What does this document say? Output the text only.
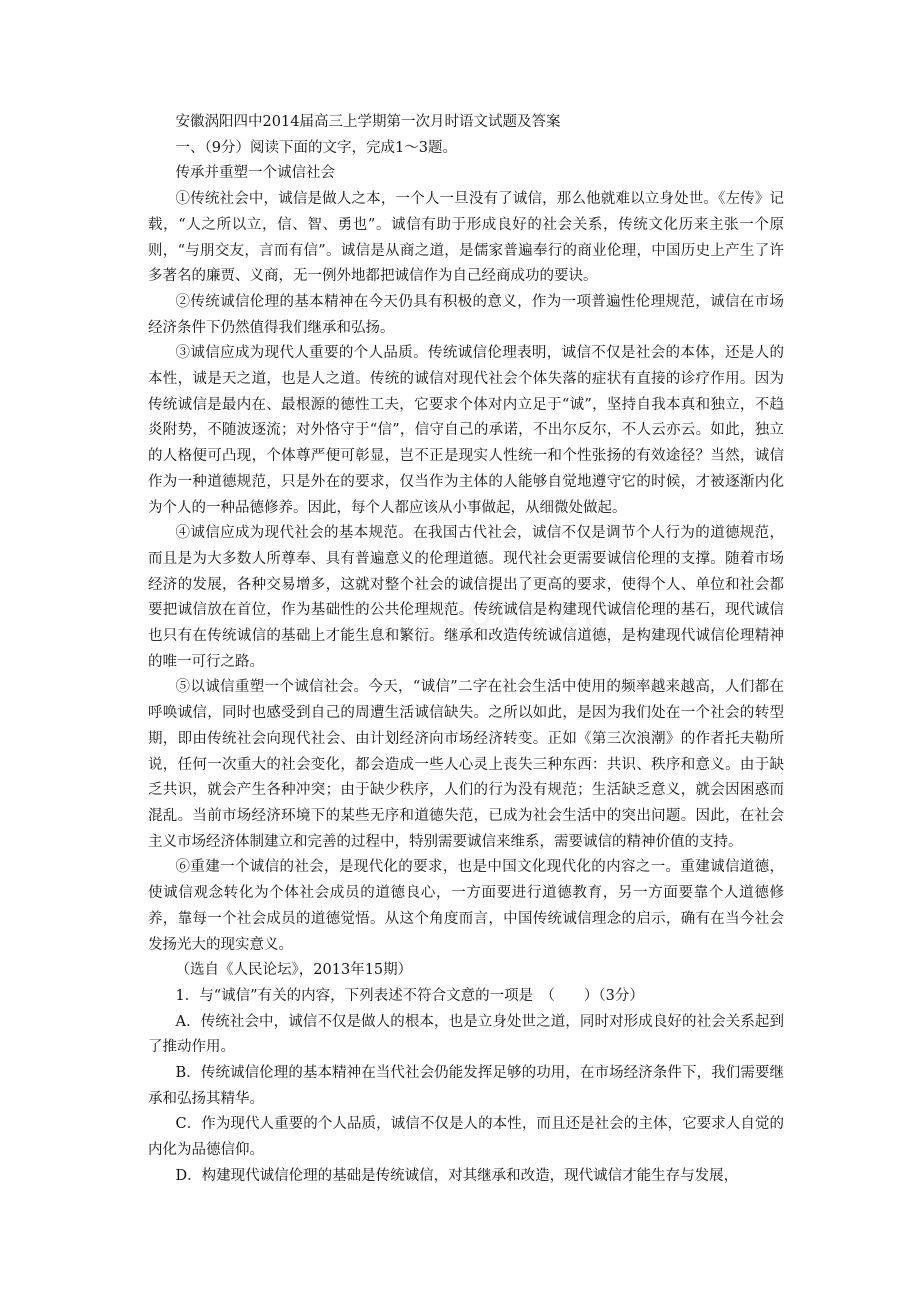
安徽涡阳四中2014届高三上学期第一次月时语文试题及答案

一、（9分）阅读下面的文字，完成1～3题。

传承并重塑一个诚信社会

①传统社会中，诚信是做人之本，一个人一旦没有了诚信，那么他就难以立身处世。《左传》记载，“人之所以立，信、智、勇也”。诚信有助于形成良好的社会关系，传统文化历来主张一个原则，“与朋交友，言而有信”。诚信是从商之道，是儒家普遍奉行的商业伦理，中国历史上产生了许多著名的廉贾、义商，无一例外地都把诚信作为自己经商成功的要诀。

②传统诚信伦理的基本精神在今天仍具有积极的意义，作为一项普遍性伦理规范，诚信在市场经济条件下仍然值得我们继承和弘扬。

③诚信应成为现代人重要的个人品质。传统诚信伦理表明，诚信不仅是社会的本体，还是人的本性，诚是天之道，也是人之道。传统的诚信对现代社会个体失落的症状有直接的诊疗作用。因为传统诚信是最内在、最根源的德性工夫，它要求个体对内立足于“诚”，坚持自我本真和独立，不趋炎附势，不随波逐流；对外恪守于“信”，信守自己的承诺，不出尔反尔，不人云亦云。如此，独立的人格便可凸现，个体尊严便可彰显，岂不正是现实人性统一和个性张扬的有效途径？当然，诚信作为一种道德规范，只是外在的要求，仅当作为主体的人能够自觉地遵守它的时候，才被逐渐内化为个人的一种品德修养。因此，每个人都应该从小事做起，从细微处做起。

④诚信应成为现代社会的基本规范。在我国古代社会，诚信不仅是调节个人行为的道德规范，而且是为大多数人所尊奉、具有普遍意义的伦理道德。现代社会更需要诚信伦理的支撑。随着市场经济的发展，各种交易增多，这就对整个社会的诚信提出了更高的要求，使得个人、单位和社会都要把诚信放在首位，作为基础性的公共伦理规范。传统诚信是构建现代诚信伦理的基石，现代诚信也只有在传统诚信的基础上才能生息和繁衍。继承和改造传统诚信道德，是构建现代诚信伦理精神的唯一可行之路。

⑤以诚信重塑一个诚信社会。今天，“诚信”二字在社会生活中使用的频率越来越高，人们都在呼唤诚信，同时也感受到自己的周遭生活诚信缺失。之所以如此，是因为我们处在一个社会的转型期，即由传统社会向现代社会、由计划经济向市场经济转变。正如《第三次浪潮》的作者托夫勒所说，任何一次重大的社会变化，都会造成一些人心灵上丧失三种东西：共识、秩序和意义。由于缺乏共识，就会产生各种冲突；由于缺少秩序，人们的行为没有规范；生活缺乏意义，就会因困惑而混乱。当前市场经济环境下的某些无序和道德失范，已成为社会生活中的突出问题。因此，在社会主义市场经济体制建立和完善的过程中，特别需要诚信来维系，需要诚信的精神价值的支持。

⑥重建一个诚信的社会，是现代化的要求，也是中国文化现代化的内容之一。重建诚信道德，使诚信观念转化为个体社会成员的道德良心，一方面要进行道德教育，另一方面要靠个人道德修养，靠每一个社会成员的道德觉悟。从这个角度而言，中国传统诚信理念的启示，确有在当今社会发扬光大的现实意义。

（选自《人民论坛》，2013年15期）

1．与“诚信”有关的内容，下列表述不符合文意的一项是　（　　）（3分）

A．传统社会中，诚信不仅是做人的根本，也是立身处世之道，同时对形成良好的社会关系起到了推动作用。

B．传统诚信伦理的基本精神在当代社会仍能发挥足够的功用，在市场经济条件下，我们需要继承和弘扬其精华。

C．作为现代人重要的个人品质，诚信不仅是人的本性，而且还是社会的主体，它要求人自觉的内化为品德信仰。

D．构建现代诚信伦理的基础是传统诚信，对其继承和改造，现代诚信才能生存与发展，
